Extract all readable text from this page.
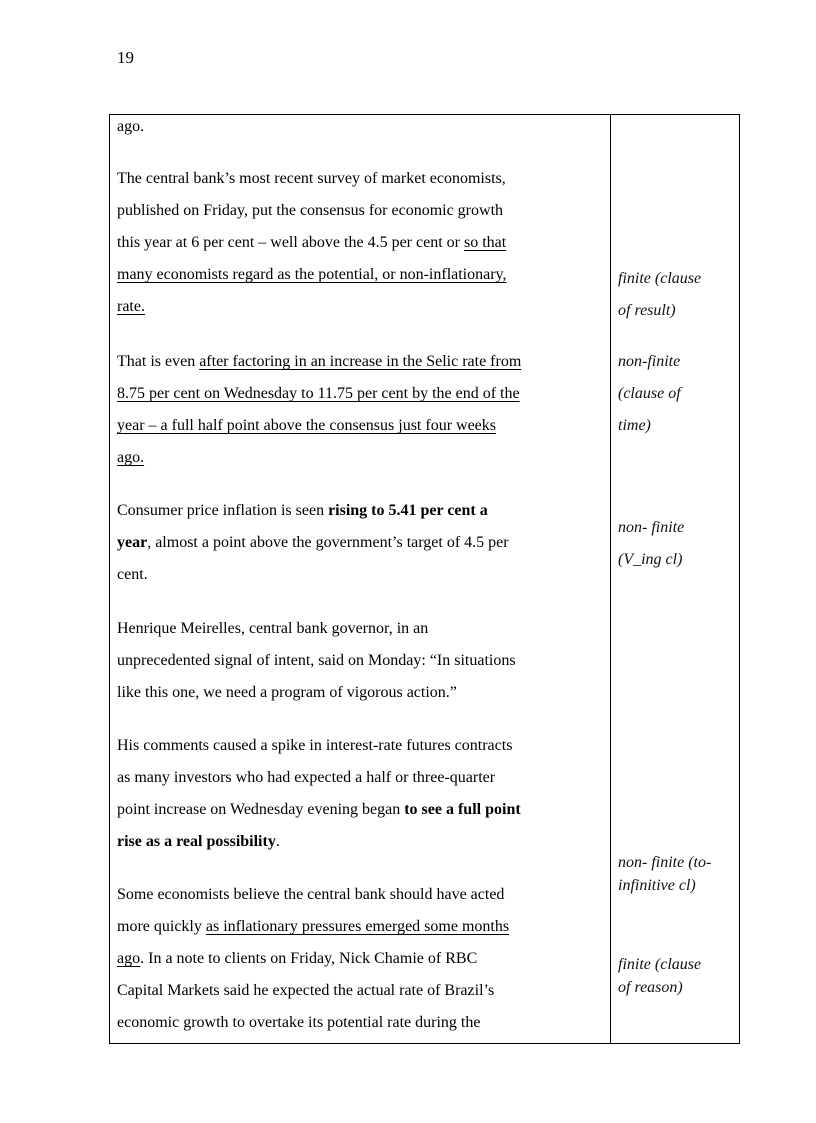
19
ago.
The central bank’s most recent survey of market economists,
published on Friday, put the consensus for economic growth
this year at 6 per cent – well above the 4.5 per cent or so that
many economists regard as the potential, or non-inflationary,
rate.
That is even after factoring in an increase in the Selic rate from
8.75 per cent on Wednesday to 11.75 per cent by the end of the
year – a full half point above the consensus just four weeks
ago.
Consumer price inflation is seen rising to 5.41 per cent a
year, almost a point above the government’s target of 4.5 per
cent.
Henrique Meirelles, central bank governor, in an
unprecedented signal of intent, said on Monday: “In situations
like this one, we need a program of vigorous action.”
His comments caused a spike in interest-rate futures contracts
as many investors who had expected a half or three-quarter
point increase on Wednesday evening began to see a full point
rise as a real possibility.
Some economists believe the central bank should have acted
more quickly as inflationary pressures emerged some months
ago. In a note to clients on Friday, Nick Chamie of RBC
Capital Markets said he expected the actual rate of Brazil’s
economic growth to overtake its potential rate during the
finite (clause
of result)
non-finite
(clause of
time)
non- finite
(V_ing cl)
non- finite (to-
infinitive cl)
finite (clause
of reason)
